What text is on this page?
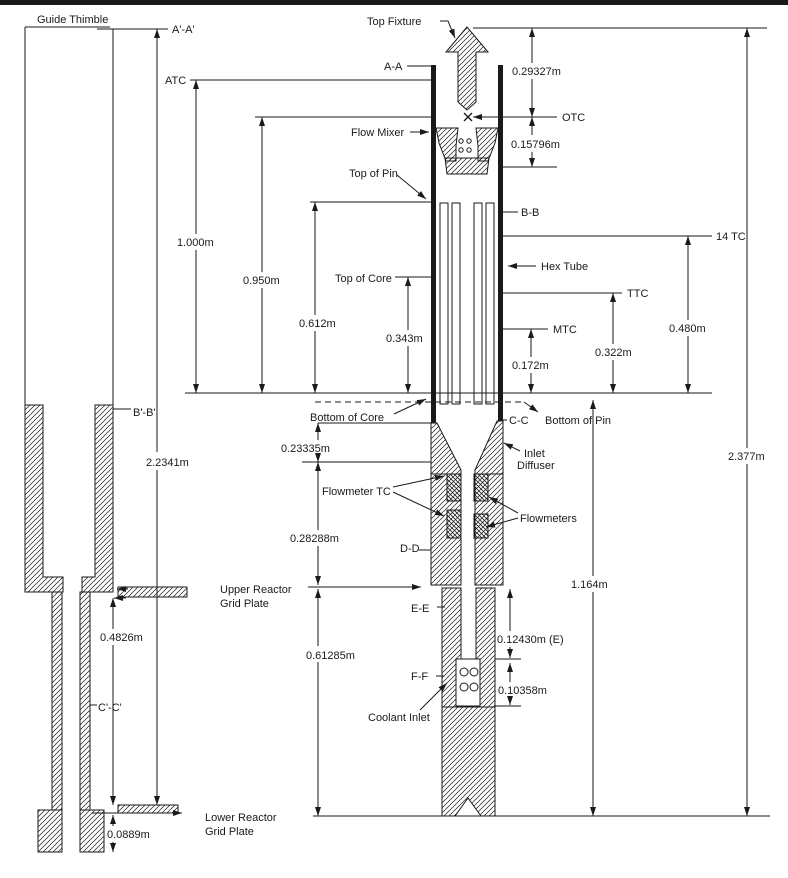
Guide Thimble
A'-A'
ATC
Top Fixture
A-A	0.29327m
OTC
Flow Mixer
0.15796m
Top of Pin
B-B
14 TC
Hex Tube
1.000m
0.950m
TTC
Top of Core
0.612m	MTC
0.343m
0.480m
0.322m
0.172m
Bottom of Core	C-C Bottom of Pin
0.23335m	Inlet
Diffuser
Flowmeter TC
Flowmeters
0.28288m
D-D
B'-B'
2.2341m
Upper Reactor
Grid Plate	E-E
0.61285m
0.12430m (E)
F-F
0.10358m
Coolant Inlet
0.4826m
C'-C'
1.164m
2.377m
Lower Reactor
Grid Plate
0.0889m
